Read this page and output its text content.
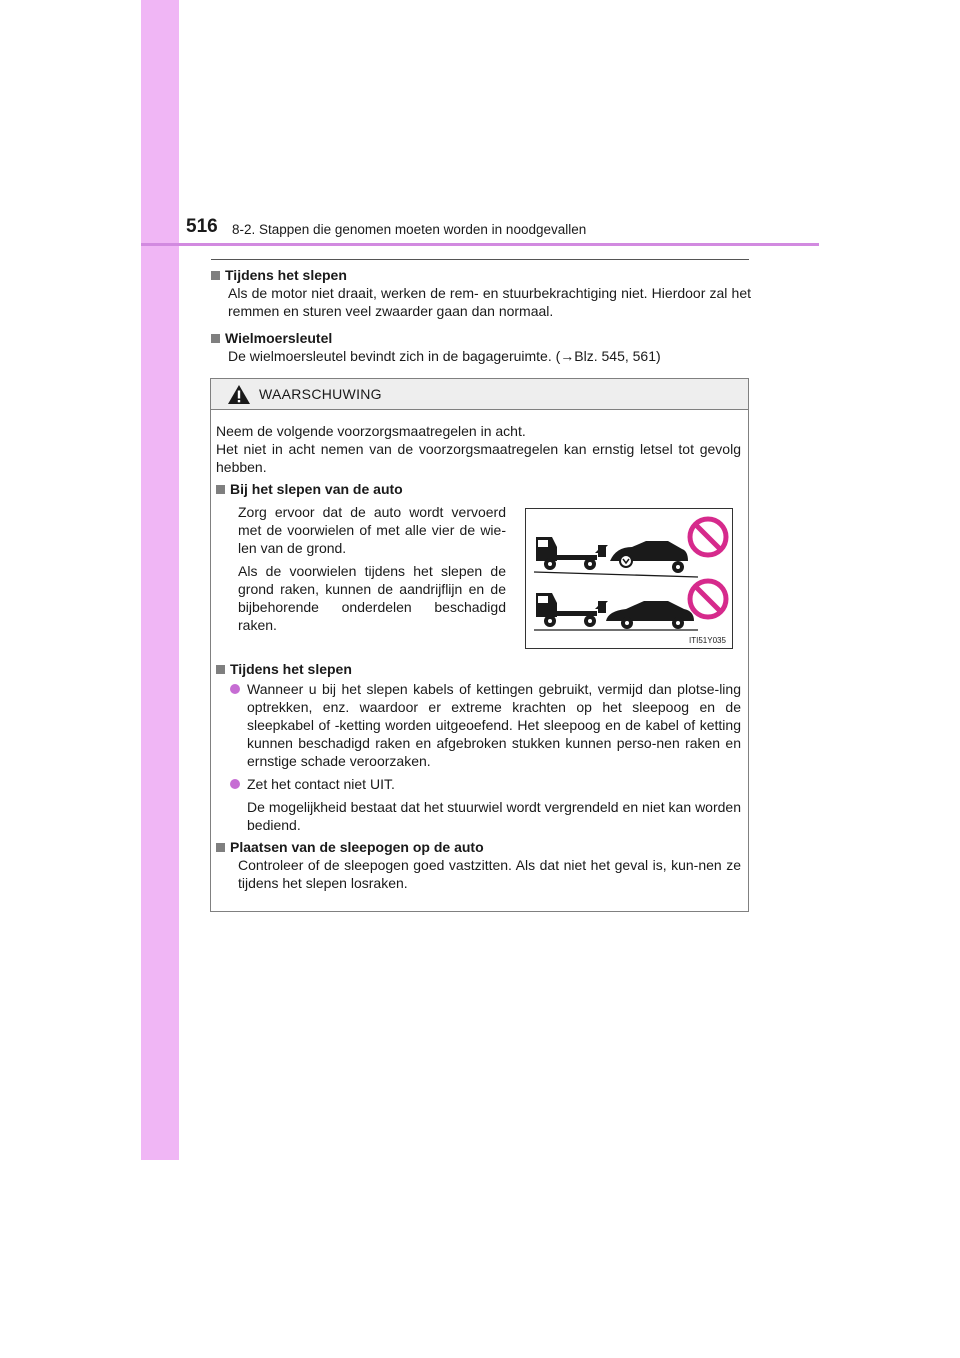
516 8-2. Stappen die genomen moeten worden in noodgevallen
Tijdens het slepen
Als de motor niet draait, werken de rem- en stuurbekrachtiging niet. Hierdoor zal het remmen en sturen veel zwaarder gaan dan normaal.
Wielmoersleutel
De wielmoersleutel bevindt zich in de bagageruimte. (→Blz. 545, 561)
WAARSCHUWING
Neem de volgende voorzorgsmaatregelen in acht.
Het niet in acht nemen van de voorzorgsmaatregelen kan ernstig letsel tot gevolg hebben.
Bij het slepen van de auto
Zorg ervoor dat de auto wordt vervoerd met de voorwielen of met alle vier de wie-len van de grond.
Als de voorwielen tijdens het slepen de grond raken, kunnen de aandrijflijn en de bijbehorende onderdelen beschadigd raken.
ITI51Y035
Tijdens het slepen
Wanneer u bij het slepen kabels of kettingen gebruikt, vermijd dan plotse-ling optrekken, enz. waardoor er extreme krachten op het sleepoog en de sleepkabel of -ketting worden uitgeoefend. Het sleepoog en de kabel of ketting kunnen beschadigd raken en afgebroken stukken kunnen perso-nen raken en ernstige schade veroorzaken.
Zet het contact niet UIT.
De mogelijkheid bestaat dat het stuurwiel wordt vergrendeld en niet kan worden bediend.
Plaatsen van de sleepogen op de auto
Controleer of de sleepogen goed vastzitten. Als dat niet het geval is, kun-nen ze tijdens het slepen losraken.
